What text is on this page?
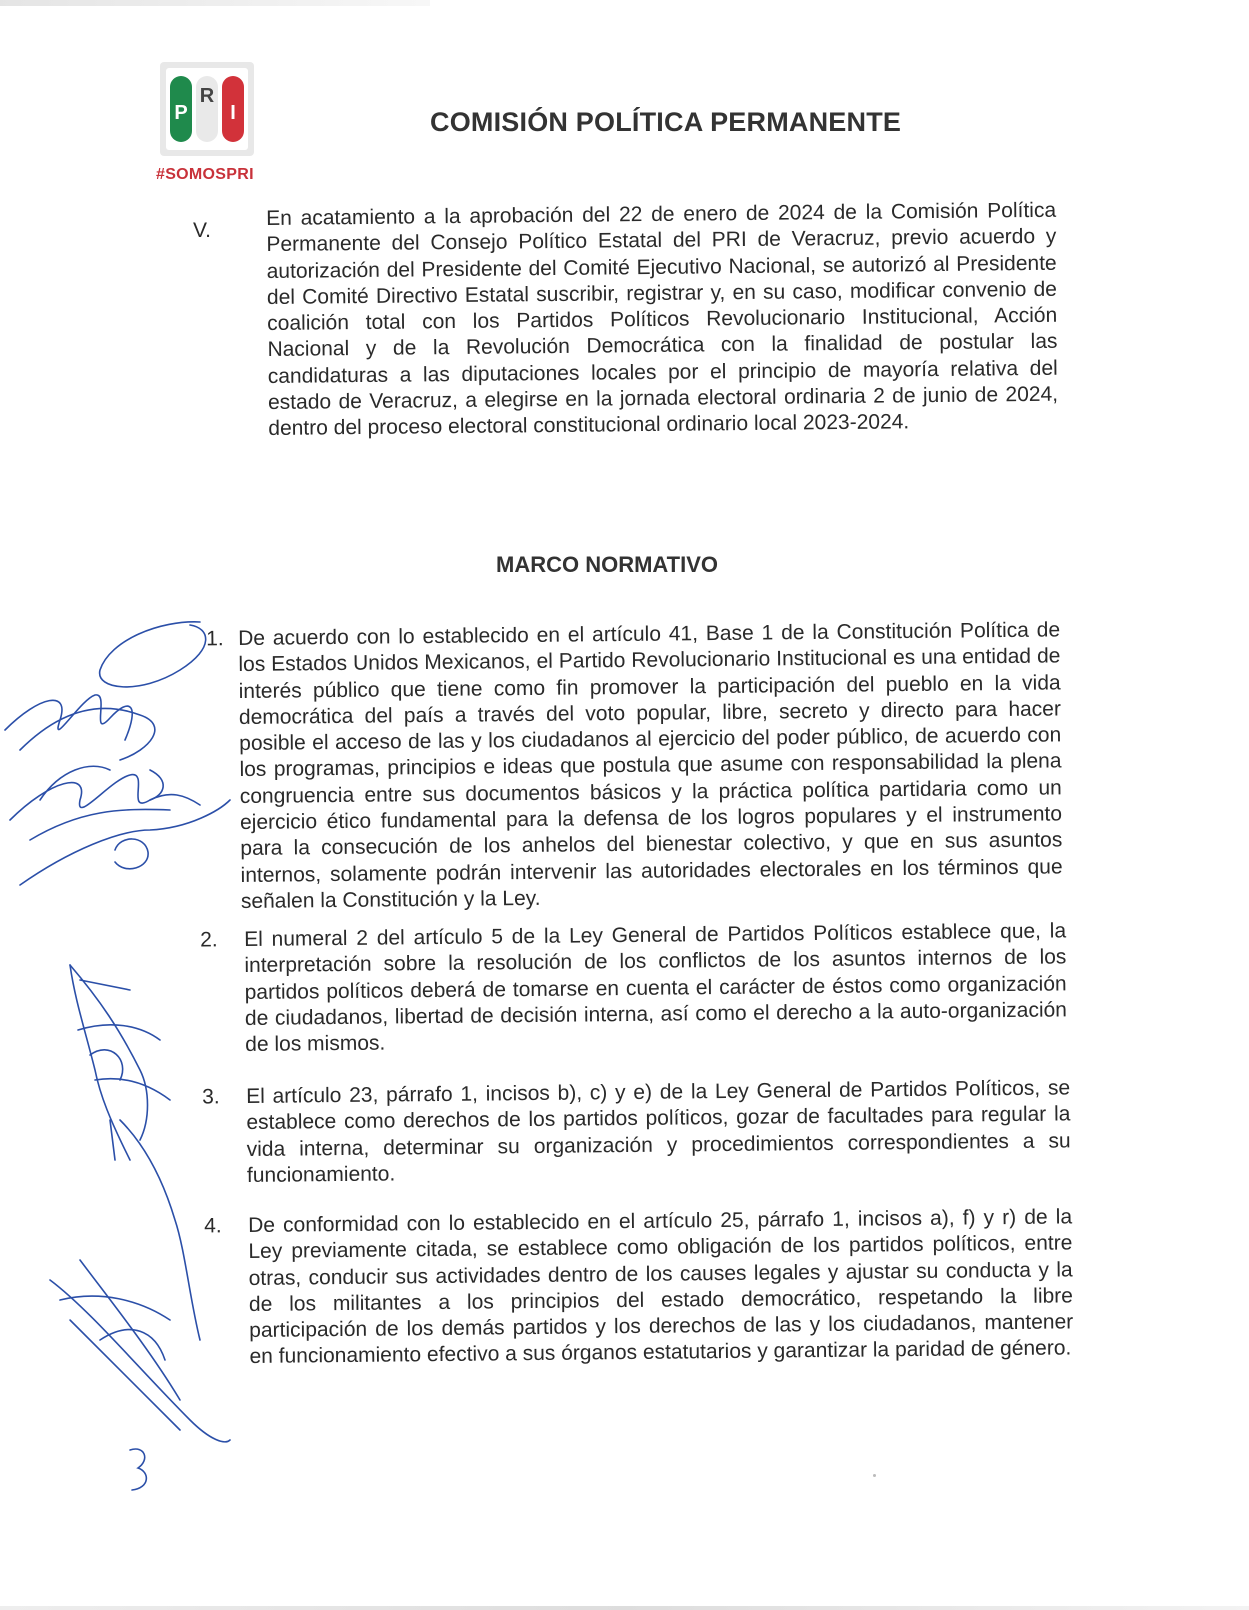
P
R
I
#SOMOSPRI
COMISIÓN POLÍTICA PERMANENTE
V.
En acatamiento a la aprobación del 22 de enero de 2024 de la Comisión Política Permanente del Consejo Político Estatal del PRI de Veracruz, previo acuerdo y autorización del Presidente del Comité Ejecutivo Nacional, se autorizó al Presidente del Comité Directivo Estatal suscribir, registrar y, en su caso, modificar convenio de coalición total con los Partidos Políticos Revolucionario Institucional, Acción Nacional y de la Revolución Democrática con la finalidad de postular las candidaturas a las diputaciones locales por el principio de mayoría relativa del estado de Veracruz, a elegirse en la jornada electoral ordinaria 2 de junio de 2024, dentro del proceso electoral constitucional ordinario local 2023-2024.
MARCO NORMATIVO
1. De acuerdo con lo establecido en el artículo 41, Base 1 de la Constitución Política de los Estados Unidos Mexicanos, el Partido Revolucionario Institucional es una entidad de interés público que tiene como fin promover la participación del pueblo en la vida democrática del país a través del voto popular, libre, secreto y directo para hacer posible el acceso de las y los ciudadanos al ejercicio del poder público, de acuerdo con los programas, principios e ideas que postula que asume con responsabilidad la plena congruencia entre sus documentos básicos y la práctica política partidaria como un ejercicio ético fundamental para la defensa de los logros populares y el instrumento para la consecución de los anhelos del bienestar colectivo, y que en sus asuntos internos, solamente podrán intervenir las autoridades electorales en los términos que señalen la Constitución y la Ley.
2. El numeral 2 del artículo 5 de la Ley General de Partidos Políticos establece que, la interpretación sobre la resolución de los conflictos de los asuntos internos de los partidos políticos deberá de tomarse en cuenta el carácter de éstos como organización de ciudadanos, libertad de decisión interna, así como el derecho a la auto-organización de los mismos.
3. El artículo 23, párrafo 1, incisos b), c) y e) de la Ley General de Partidos Políticos, se establece como derechos de los partidos políticos, gozar de facultades para regular la vida interna, determinar su organización y procedimientos correspondientes a su funcionamiento.
4. De conformidad con lo establecido en el artículo 25, párrafo 1, incisos a), f) y r) de la Ley previamente citada, se establece como obligación de los partidos políticos, entre otras, conducir sus actividades dentro de los causes legales y ajustar su conducta y la de los militantes a los principios del estado democrático, respetando la libre participación de los demás partidos y los derechos de las y los ciudadanos, mantener en funcionamiento efectivo a sus órganos estatutarios y garantizar la paridad de género.
